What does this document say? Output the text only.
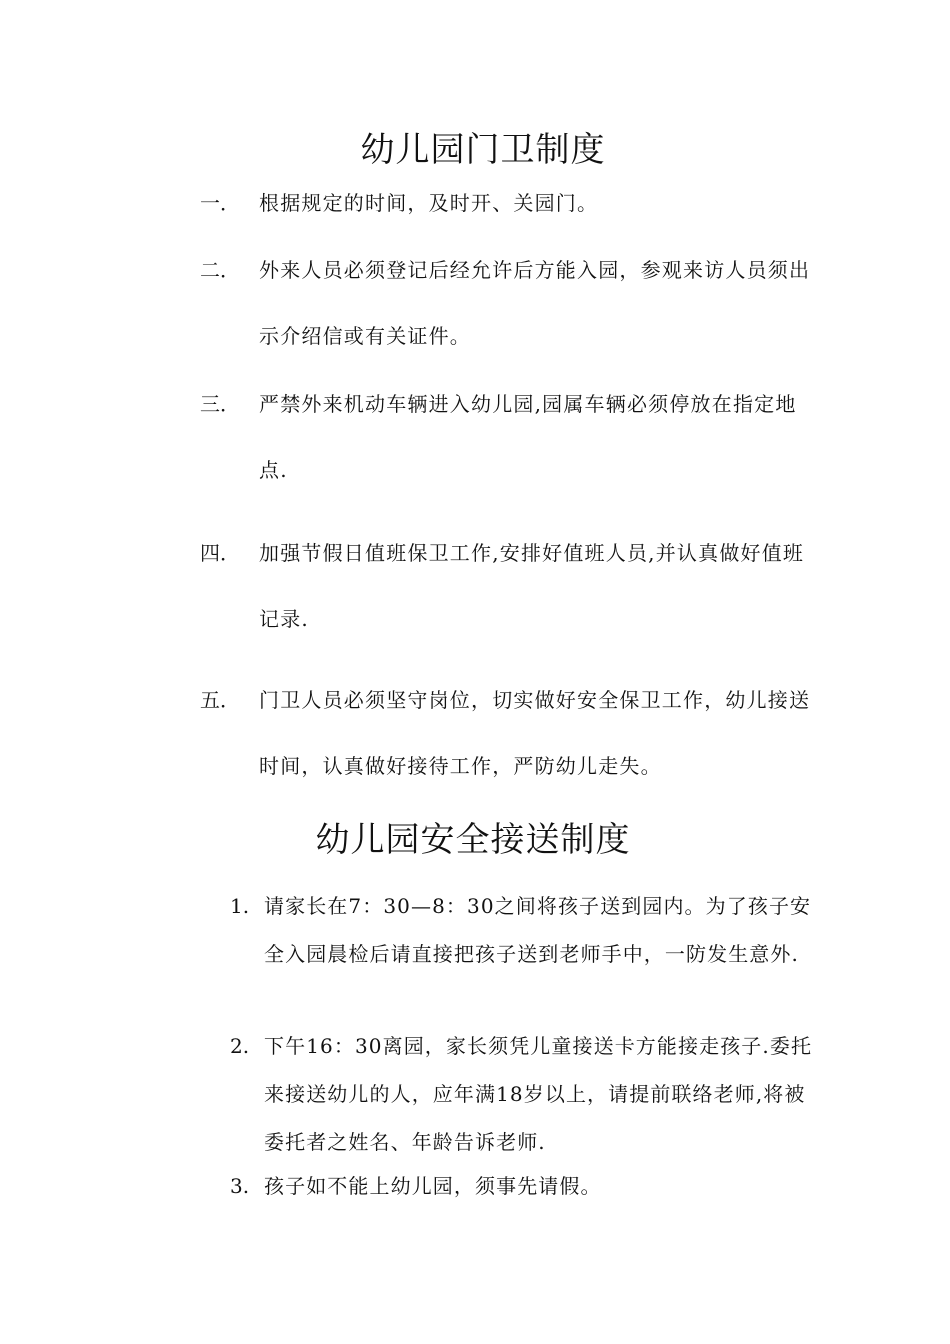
幼儿园门卫制度
一． 根据规定的时间，及时开、关园门。
二． 外来人员必须登记后经允许后方能入园，参观来访人员须出示介绍信或有关证件。
三． 严禁外来机动车辆进入幼儿园,园属车辆必须停放在指定地点.
四． 加强节假日值班保卫工作,安排好值班人员,并认真做好值班记录.
五． 门卫人员必须坚守岗位，切实做好安全保卫工作，幼儿接送时间，认真做好接待工作，严防幼儿走失。
幼儿园安全接送制度
1. 请家长在7：30—8：30之间将孩子送到园内。为了孩子安全入园晨检后请直接把孩子送到老师手中，一防发生意外.
2. 下午16：30离园，家长须凭儿童接送卡方能接走孩子.委托来接送幼儿的人，应年满18岁以上，请提前联络老师,将被委托者之姓名、年龄告诉老师.
3. 孩子如不能上幼儿园，须事先请假。
